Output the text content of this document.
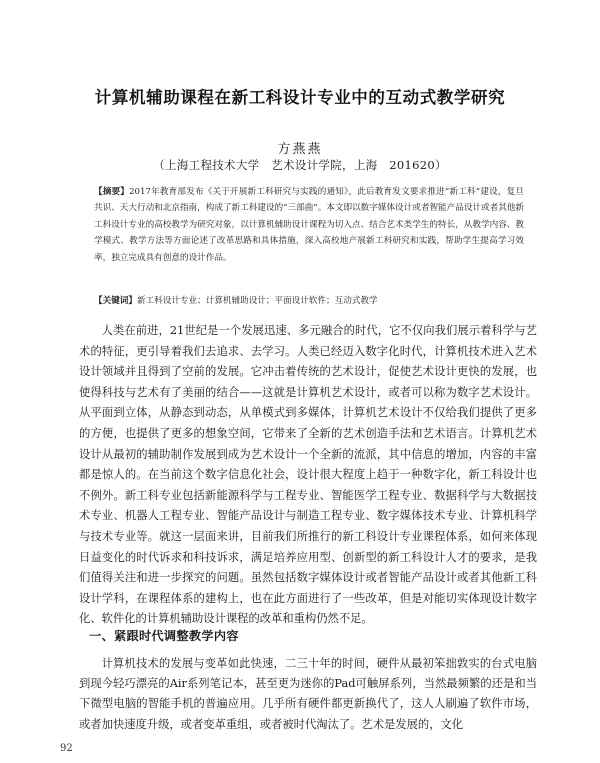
计算机辅助课程在新工科设计专业中的互动式教学研究
方燕燕
（上海工程技术大学　艺术设计学院，上海　201620）
【摘要】2017年教育部发布《关于开展新工科研究与实践的通知》，此后教育发文要求推进“新工科”建设，复旦共识、天大行动和北京指南，构成了新工科建设的“三部曲”。本文即以数字媒体设计或者智能产品设计或者其他新工科设计专业的高校教学为研究对象，以计算机辅助设计课程为切入点、结合艺术类学生的特长，从教学内容、教学模式、教学方法等方面论述了改革思路和具体措施，深入高校地产展新工科研究和实践，帮助学生提高学习效率，独立完成具有创意的设计作品。
【关键词】新工科设计专业；计算机辅助设计；平面设计软件；互动式教学

人类在前进，21世纪是一个发展迅速、多元融合的时代，它不仅向我们展示着科学与艺术的特征，更引导着我们去追求、去学习。人类已经迈入数字化时代，计算机技术进入艺术设计领域并且得到了空前的发展。它冲击着传统的艺术设计，促使艺术设计更快的发展，也使得科技与艺术有了美丽的结合——这就是计算机艺术设计，或者可以称为数字艺术设计。从平面到立体，从静态到动态，从单模式到多媒体，计算机艺术设计不仅给我们提供了更多的方便，也提供了更多的想象空间，它带来了全新的艺术创造手法和艺术语言。计算机艺术设计从最初的辅助制作发展到成为艺术设计一个全新的流派，其中信息的增加，内容的丰富都是惊人的。在当前这个数字信息化社会，设计很大程度上趋于一种数字化，新工科设计也不例外。新工科专业包括新能源科学与工程专业、智能医学工程专业、数据科学与大数据技术专业、机器人工程专业、智能产品设计与制造工程专业、数字媒体技术专业、计算机科学与技术专业等。就这一层面来讲，目前我们所推行的新工科设计专业课程体系，如何来体现日益变化的时代诉求和科技诉求，满足培养应用型、创新型的新工科设计人才的要求，是我们值得关注和进一步探究的问题。虽然包括数字媒体设计或者智能产品设计或者其他新工科设计学科，在课程体系的建构上，也在此方面进行了一些改革，但是对能切实体现设计数字化、软件化的计算机辅助设计课程的改革和重构仍然不足。

一、紧跟时代调整教学内容

计算机技术的发展与变革如此快速，二三十年的时间，硬件从最初笨拙敦实的台式电脑到现今轻巧漂亮的Air系列笔记本，甚至更为迷你的Pad可触屏系列，当然最频繁的还是和当下微型电脑的智能手机的普遍应用。几乎所有硬件都更新换代了，这人人刷遍了软件市场，或者加快速度升级，或者变革重组，或者被时代淘汰了。艺术是发展的，文化

92
